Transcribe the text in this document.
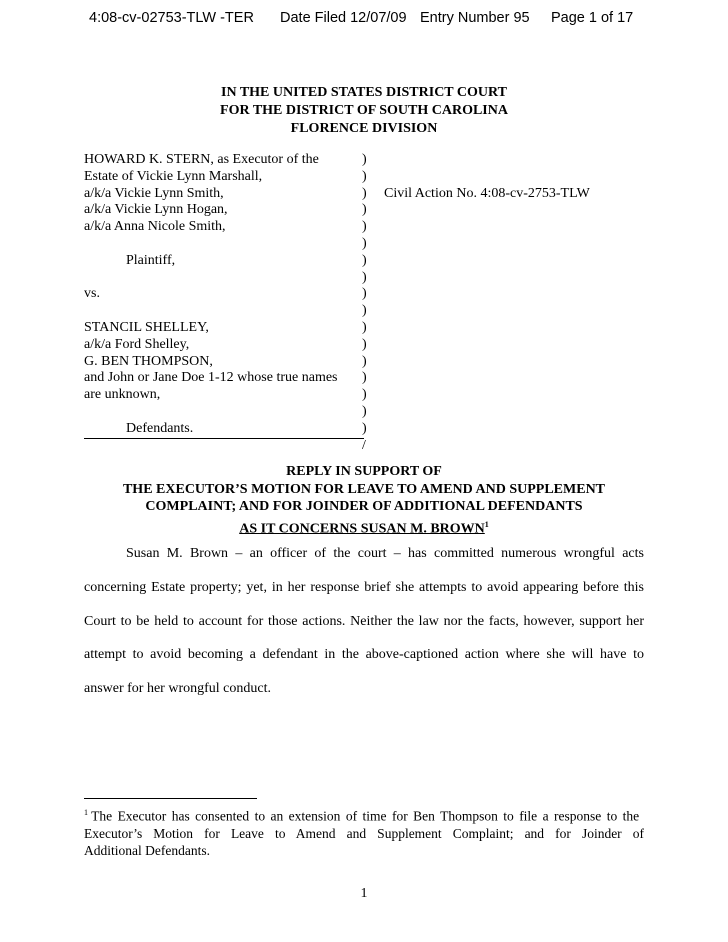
4:08-cv-02753-TLW -TER Date Filed 12/07/09 Entry Number 95 Page 1 of 17
IN THE UNITED STATES DISTRICT COURT
FOR THE DISTRICT OF SOUTH CAROLINA
FLORENCE DIVISION
HOWARD K. STERN, as Executor of the
Estate of Vickie Lynn Marshall,
a/k/a Vickie Lynn Smith,
a/k/a Vickie Lynn Hogan,
a/k/a Anna Nicole Smith,
Plaintiff,
vs.
STANCIL SHELLEY,
a/k/a Ford Shelley,
G. BEN THOMPSON,
and John or Jane Doe 1-12 whose true names
are unknown,
Defendants.
)
)
)
)
)
)
)
)
)
)
)
)
)
)
)
)
)
/
Civil Action No. 4:08-cv-2753-TLW
REPLY IN SUPPORT OF
THE EXECUTOR’S MOTION FOR LEAVE TO AMEND AND SUPPLEMENT
COMPLAINT; AND FOR JOINDER OF ADDITIONAL DEFENDANTS
AS IT CONCERNS SUSAN M. BROWN$^1$
Susan M. Brown – an officer of the court – has committed numerous wrongful acts
concerning Estate property; yet, in her response brief she attempts to avoid appearing before this
Court to be held to account for those actions. Neither the law nor the facts, however, support her
attempt to avoid becoming a defendant in the above-captioned action where she will have to
answer for her wrongful conduct.
$^1$ The Executor has consented to an extension of time for Ben Thompson to file a response to the
Executor’s Motion for Leave to Amend and Supplement Complaint; and for Joinder of
Additional Defendants.
1
